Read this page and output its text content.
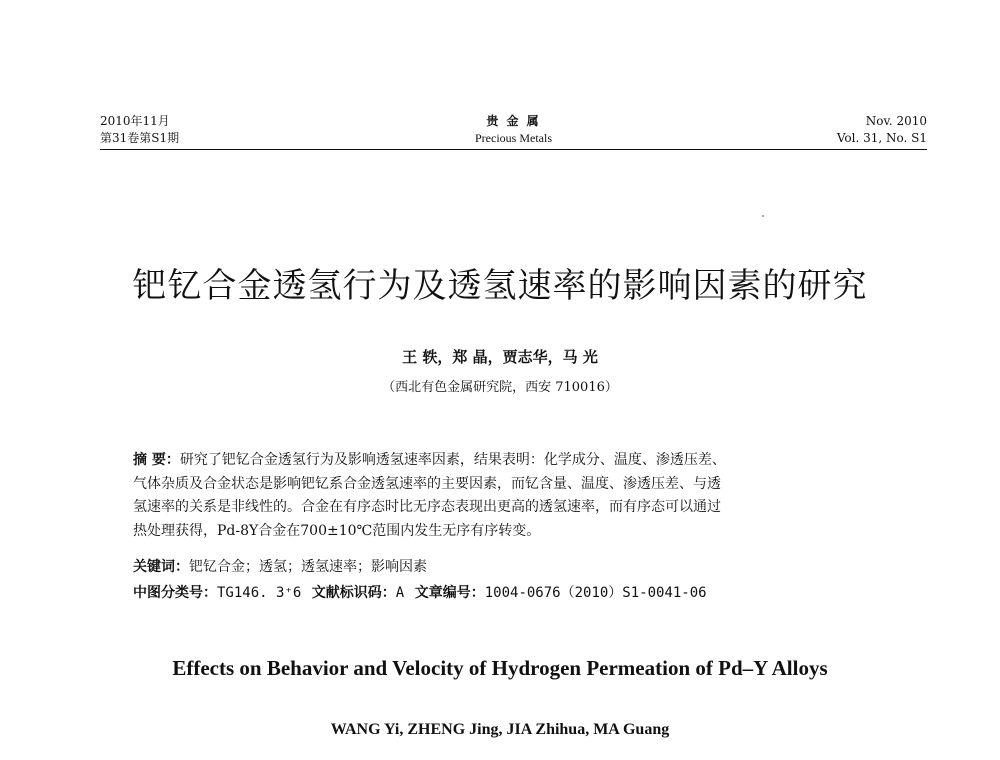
2010年11月
第31卷第S1期
贵 金 属
Precious Metals
Nov. 2010
Vol. 31, No. S1
钯钇合金透氢行为及透氢速率的影响因素的研究
王 轶，郑 晶，贾志华，马 光
（西北有色金属研究院，西安 710016）
摘 要：研究了钯钇合金透氢行为及影响透氢速率因素，结果表明：化学成分、温度、渗透压差、
气体杂质及合金状态是影响钯钇系合金透氢速率的主要因素，而钇含量、温度、渗透压差、与透
氢速率的关系是非线性的。合金在有序态时比无序态表现出更高的透氢速率，而有序态可以通过
热处理获得，Pd-8Y合金在700±10℃范围内发生无序有序转变。
关键词：钯钇合金；透氢；透氢速率；影响因素
中图分类号：TG146. 3⁺6 文献标识码：A 文章编号：1004-0676（2010）S1-0041-06
Effects on Behavior and Velocity of Hydrogen Permeation of Pd–Y Alloys
WANG Yi, ZHENG Jing, JIA Zhihua, MA Guang
